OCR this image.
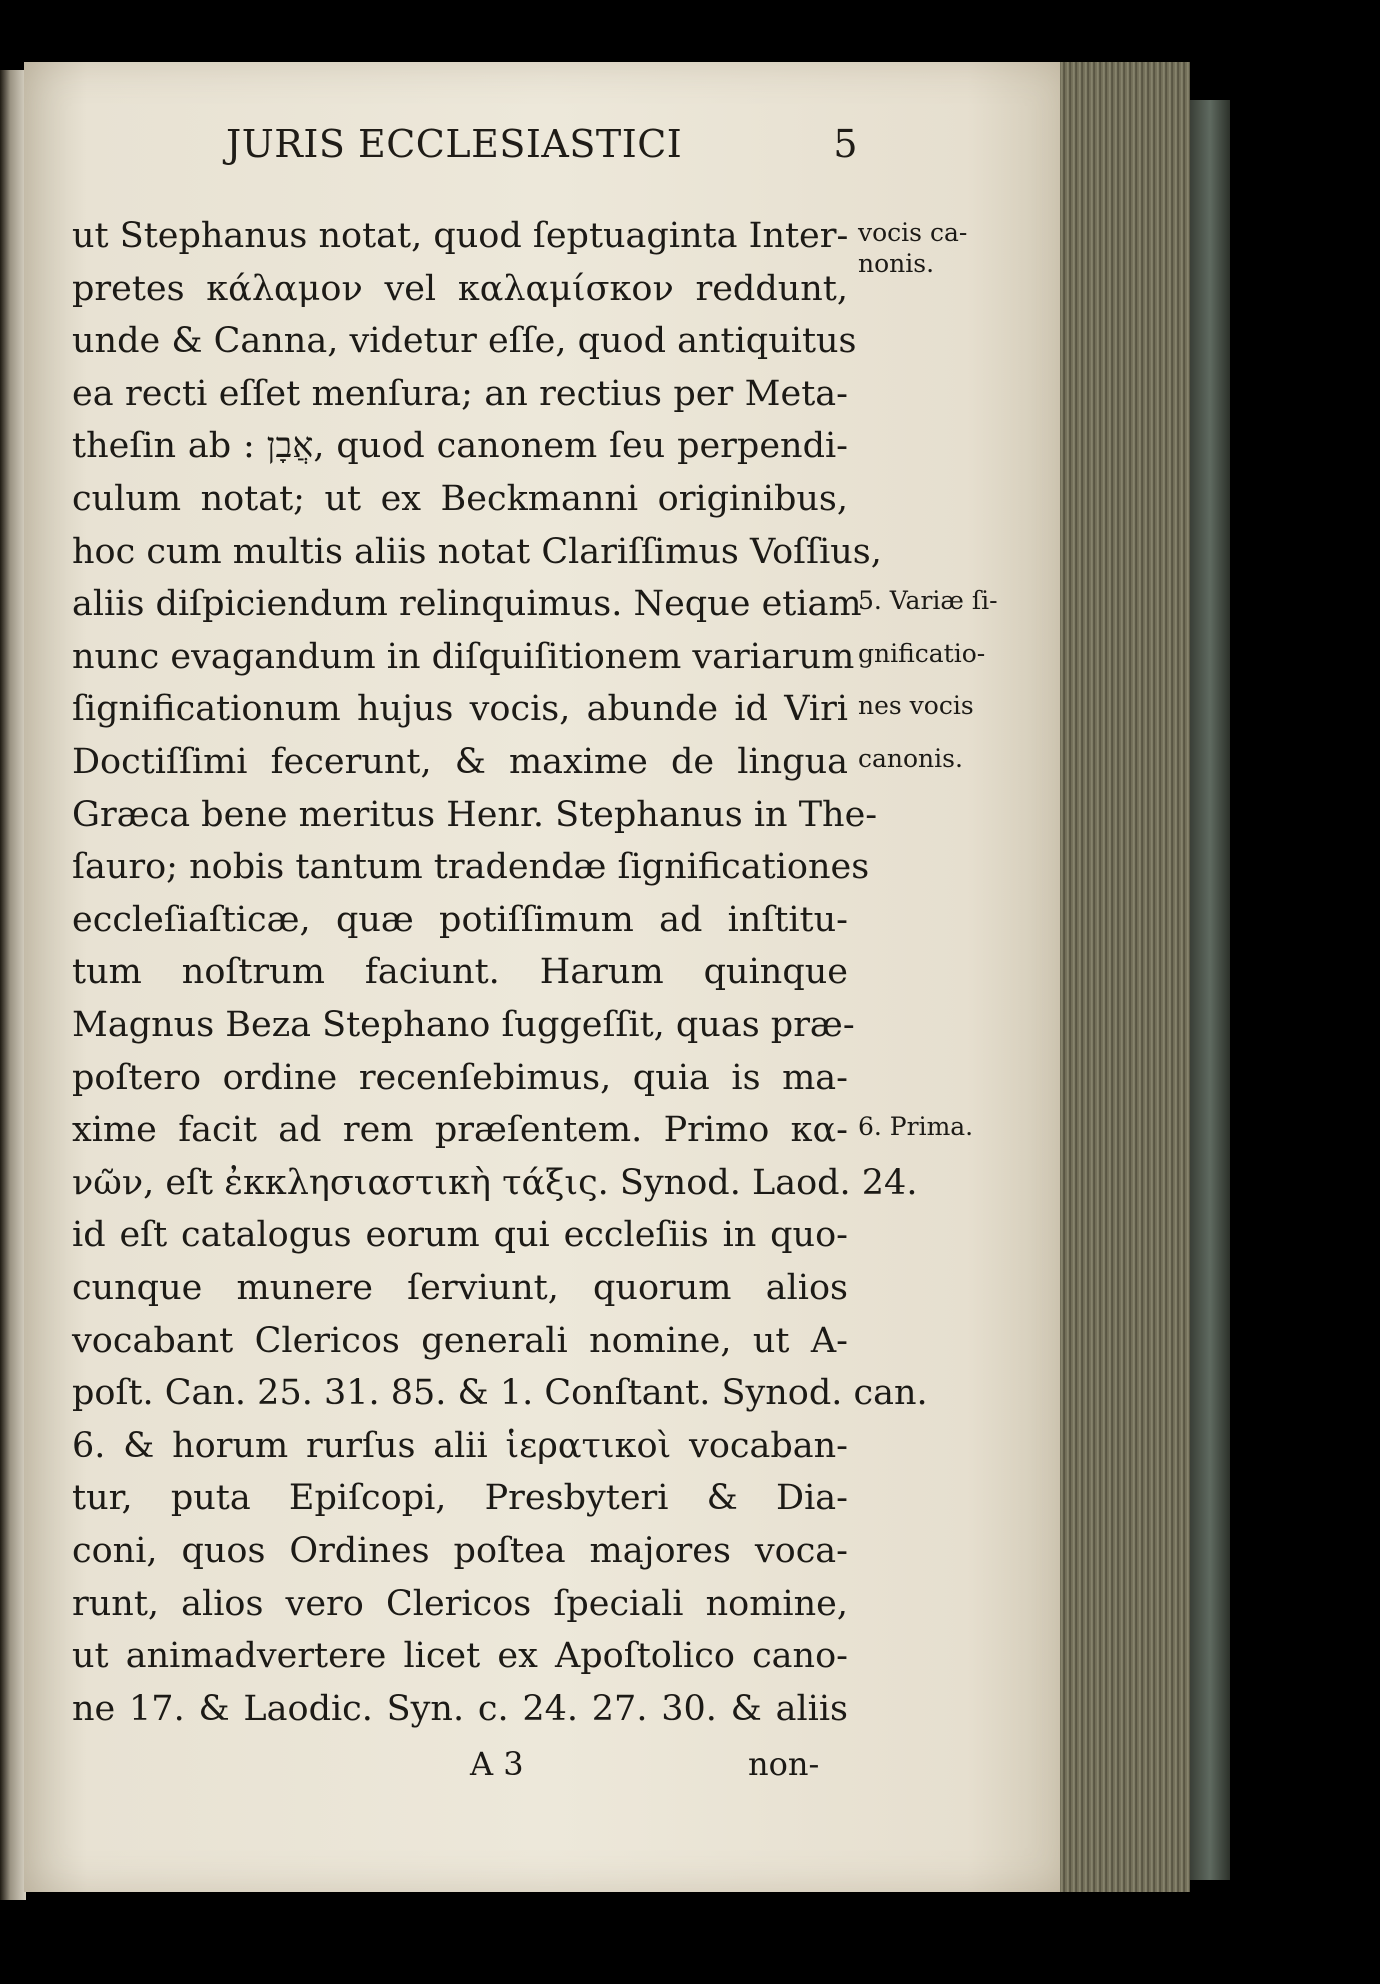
JURIS ECCLESIASTICI	5
ut Stephanus notat, quod ſeptuaginta Inter-
pretes κάλαμον vel καλαμίσκον reddunt,
unde & Canna, videtur eſſe, quod antiquitus
ea recti eſſet menſura; an rectius per Meta-
theſin ab : אֲבָן, quod canonem ſeu perpendi-
culum notat; ut ex Beckmanni originibus,
hoc cum multis aliis notat Clariſſimus Voſſius,
aliis diſpiciendum relinquimus. Neque etiam
nunc evagandum in diſquiſitionem variarum
ſignificationum hujus vocis, abunde id Viri
Doctiſſimi fecerunt, & maxime de lingua
Græca bene meritus Henr. Stephanus in The-
ſauro; nobis tantum tradendæ ſignificationes
eccleſiaſticæ, quæ potiſſimum ad inſtitu-
tum noſtrum faciunt. Harum quinque
Magnus Beza Stephano ſuggeſſit, quas præ-
poſtero ordine recenſebimus, quia is ma-
xime facit ad rem præſentem. Primo κα-
νῶν, eſt ἐκκλησιαστικὴ τάξις. Synod. Laod. 24.
id eſt catalogus eorum qui eccleſiis in quo-
cunque munere ſerviunt, quorum alios
vocabant Clericos generali nomine, ut A-
poſt. Can. 25. 31. 85. & 1. Conſtant. Synod. can.
6. & horum rurſus alii ἱερατικοὶ vocaban-
tur, puta Epiſcopi, Presbyteri & Dia-
coni, quos Ordines poſtea majores voca-
runt, alios vero Clericos ſpeciali nomine,
ut animadvertere licet ex Apoſtolico cano-
ne 17. & Laodic. Syn. c. 24. 27. 30. & aliis
vocis ca-
nonis.
5. Variæ ſi-
gnificatio-
nes vocis
canonis.
6. Prima.
A 3	non-
